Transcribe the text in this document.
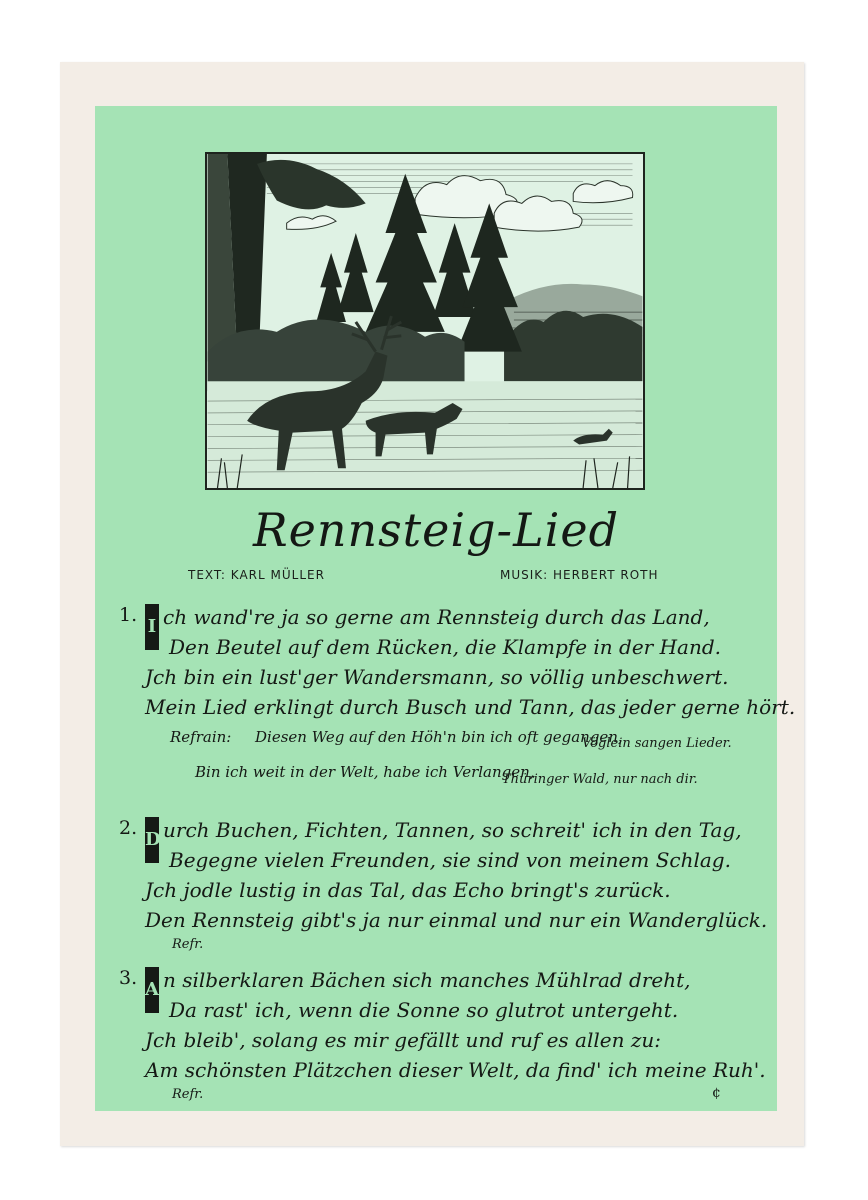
Rennsteig-Lied
TEXT: KARL MÜLLER	MUSIK: HERBERT ROTH
1.
I ch wand're ja so gerne am Rennsteig durch das Land,
Den Beutel auf dem Rücken, die Klampfe in der Hand.
Jch bin ein lust'ger Wandersmann, so völlig unbeschwert.
Mein Lied erklingt durch Busch und Tann, das jeder gerne hört.
Refrain: Diesen Weg auf den Höh'n bin ich oft gegangen,
Vöglein sangen Lieder.
Bin ich weit in der Welt, habe ich Verlangen,
Thüringer Wald, nur nach dir.
2.
D urch Buchen, Fichten, Tannen, so schreit' ich in den Tag,
Begegne vielen Freunden, sie sind von meinem Schlag.
Jch jodle lustig in das Tal, das Echo bringt's zurück.
Den Rennsteig gibt's ja nur einmal und nur ein Wanderglück.
Refr.
3.
A n silberklaren Bächen sich manches Mühlrad dreht,
Da rast' ich, wenn die Sonne so glutrot untergeht.
Jch bleib', solang es mir gefällt und ruf es allen zu:
Am schönsten Plätzchen dieser Welt, da find' ich meine Ruh'.
Refr.	¢
